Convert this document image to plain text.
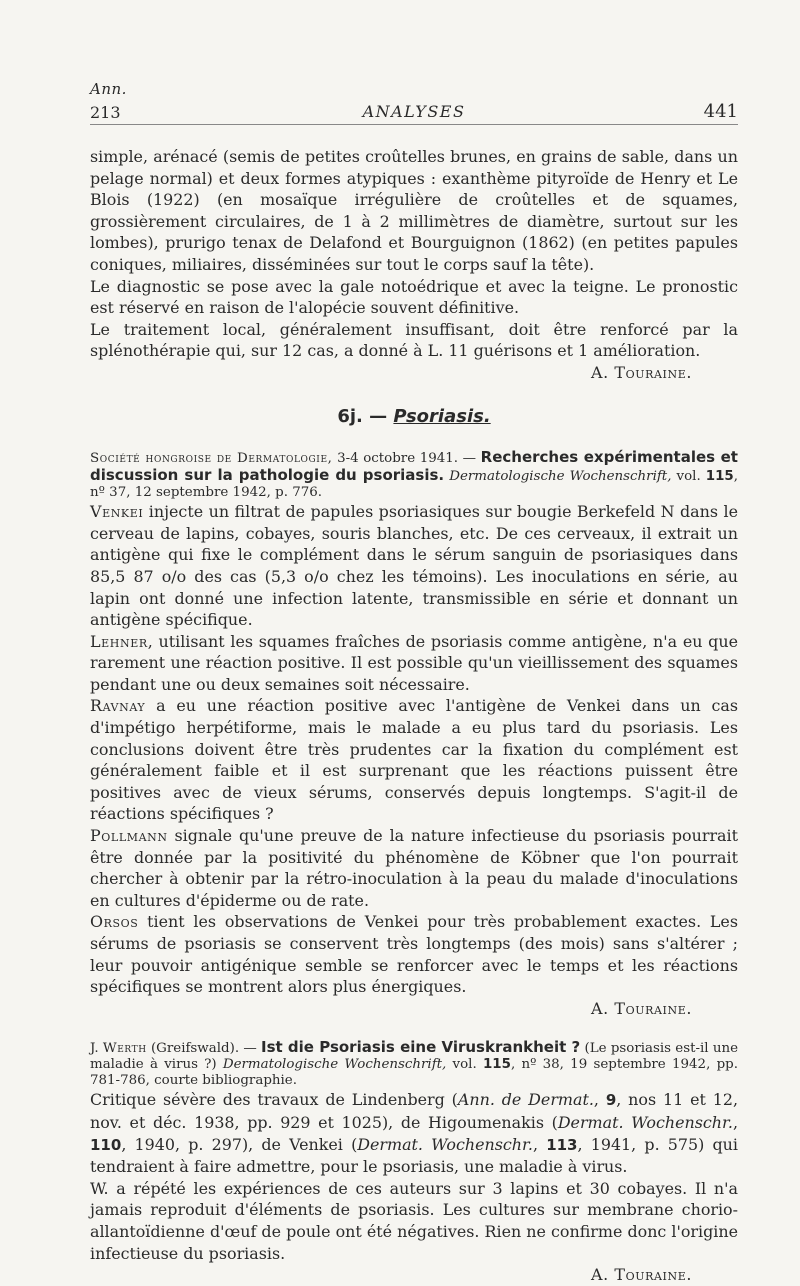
Ann.
213	ANALYSES	441

simple, arénacé (semis de petites croûtelles brunes, en grains de sable, dans un pelage normal) et deux formes atypiques : exanthème pityroïde de Henry et Le Blois (1922) (en mosaïque irrégulière de croûtelles et de squames, grossièrement circulaires, de 1 à 2 millimètres de diamètre, surtout sur les lombes), prurigo tenax de Delafond et Bourguignon (1862) (en petites papules coniques, miliaires, disséminées sur tout le corps sauf la tête).

Le diagnostic se pose avec la gale notoédrique et avec la teigne. Le pronostic est réservé en raison de l'alopécie souvent définitive.

Le traitement local, généralement insuffisant, doit être renforcé par la splénothérapie qui, sur 12 cas, a donné à L. 11 guérisons et 1 amélioration.

A. Touraine.

6j. — Psoriasis.
Société hongroise de Dermatologie, 3-4 octobre 1941. — Recherches expérimentales et discussion sur la pathologie du psoriasis. Dermatologische Wochenschrift, vol. 115, nº 37, 12 septembre 1942, p. 776.

Venkei injecte un filtrat de papules psoriasiques sur bougie Berkefeld N dans le cerveau de lapins, cobayes, souris blanches, etc. De ces cerveaux, il extrait un antigène qui fixe le complément dans le sérum sanguin de psoriasiques dans 85,5 87 o/o des cas (5,3 o/o chez les témoins). Les inoculations en série, au lapin ont donné une infection latente, transmissible en série et donnant un antigène spécifique.

Lehner, utilisant les squames fraîches de psoriasis comme antigène, n'a eu que rarement une réaction positive. Il est possible qu'un vieillissement des squames pendant une ou deux semaines soit nécessaire.

Ravnay a eu une réaction positive avec l'antigène de Venkei dans un cas d'impétigo herpétiforme, mais le malade a eu plus tard du psoriasis. Les conclusions doivent être très prudentes car la fixation du complément est généralement faible et il est surprenant que les réactions puissent être positives avec de vieux sérums, conservés depuis longtemps. S'agit-il de réactions spécifiques ?

Pollmann signale qu'une preuve de la nature infectieuse du psoriasis pourrait être donnée par la positivité du phénomène de Köbner que l'on pourrait chercher à obtenir par la rétro-inoculation à la peau du malade d'inoculations en cultures d'épiderme ou de rate.

Orsos tient les observations de Venkei pour très probablement exactes. Les sérums de psoriasis se conservent très longtemps (des mois) sans s'altérer ; leur pouvoir antigénique semble se renforcer avec le temps et les réactions spécifiques se montrent alors plus énergiques.

A. Touraine.

J. Werth (Greifswald). — Ist die Psoriasis eine Viruskrankheit ? (Le psoriasis est-il une maladie à virus ?) Dermatologische Wochenschrift, vol. 115, nº 38, 19 septembre 1942, pp. 781-786, courte bibliographie.

Critique sévère des travaux de Lindenberg (Ann. de Dermat., 9, nos 11 et 12, nov. et déc. 1938, pp. 929 et 1025), de Higoumenakis (Dermat. Wochenschr., 110, 1940, p. 297), de Venkei (Dermat. Wochenschr., 113, 1941, p. 575) qui tendraient à faire admettre, pour le psoriasis, une maladie à virus.

W. a répété les expériences de ces auteurs sur 3 lapins et 30 cobayes. Il n'a jamais reproduit d'éléments de psoriasis. Les cultures sur membrane chorio-allantoïdienne d'œuf de poule ont été négatives. Rien ne confirme donc l'origine infectieuse du psoriasis.

A. Touraine.
